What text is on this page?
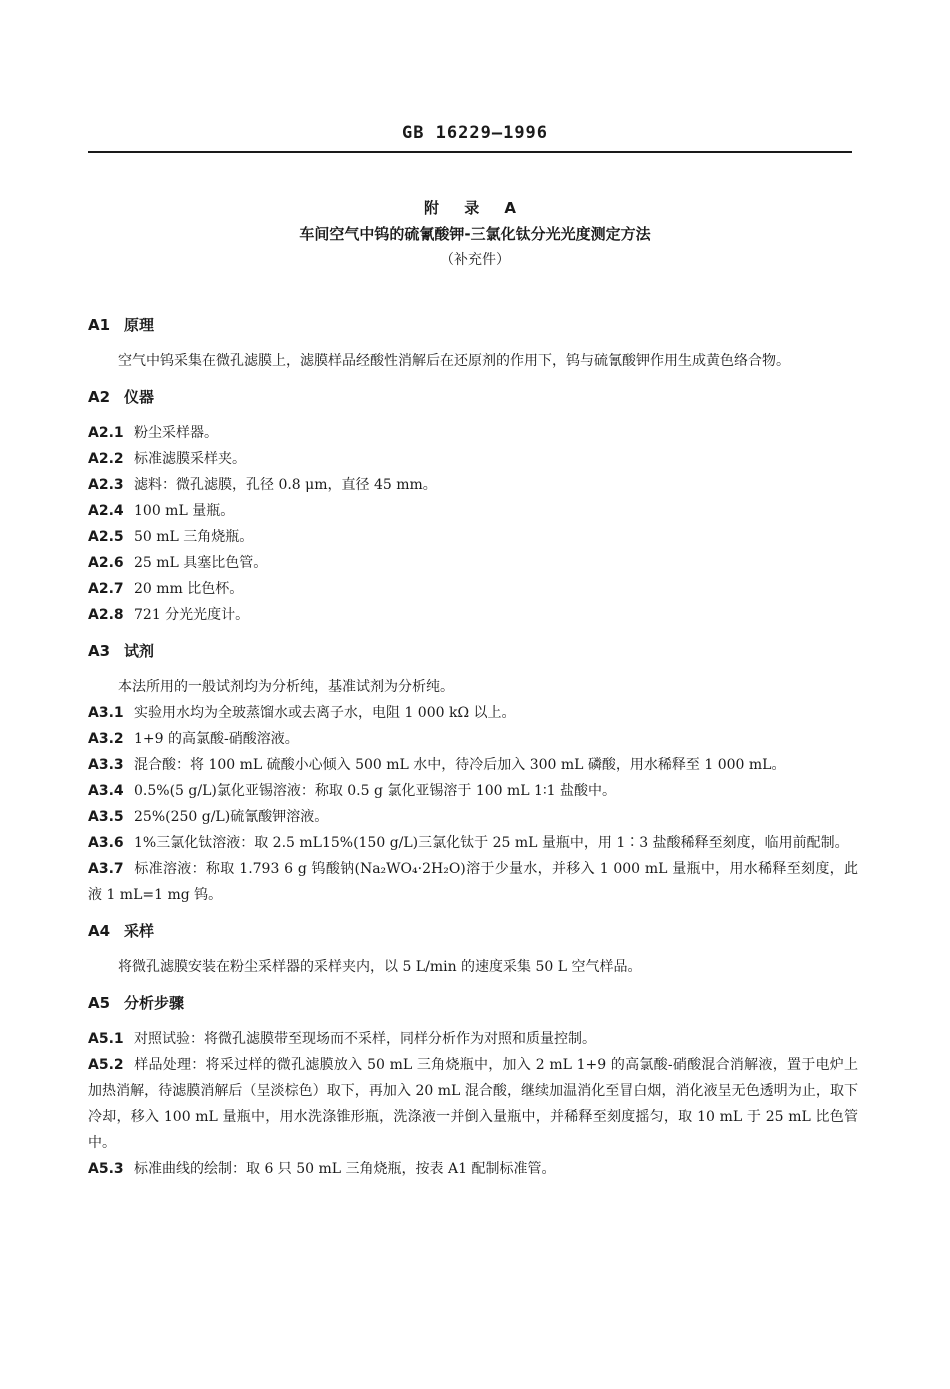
GB 16229—1996
附 录 A
车间空气中钨的硫氰酸钾-三氯化钛分光光度测定方法
（补充件）
A1 原理
空气中钨采集在微孔滤膜上，滤膜样品经酸性消解后在还原剂的作用下，钨与硫氰酸钾作用生成黄色络合物。
A2 仪器
A2.1 粉尘采样器。
A2.2 标准滤膜采样夹。
A2.3 滤料：微孔滤膜，孔径 0.8 μm，直径 45 mm。
A2.4 100 mL 量瓶。
A2.5 50 mL 三角烧瓶。
A2.6 25 mL 具塞比色管。
A2.7 20 mm 比色杯。
A2.8 721 分光光度计。
A3 试剂
本法所用的一般试剂均为分析纯，基准试剂为分析纯。
A3.1 实验用水均为全玻蒸馏水或去离子水，电阻 1 000 kΩ 以上。
A3.2 1+9 的高氯酸-硝酸溶液。
A3.3 混合酸：将 100 mL 硫酸小心倾入 500 mL 水中，待冷后加入 300 mL 磷酸，用水稀释至 1 000 mL。
A3.4 0.5%(5 g/L)氯化亚锡溶液：称取 0.5 g 氯化亚锡溶于 100 mL 1∶1 盐酸中。
A3.5 25%(250 g/L)硫氰酸钾溶液。
A3.6 1%三氯化钛溶液：取 2.5 mL15%(150 g/L)三氯化钛于 25 mL 量瓶中，用 1∶3 盐酸稀释至刻度，临用前配制。
A3.7 标准溶液：称取 1.793 6 g 钨酸钠(Na₂WO₄·2H₂O)溶于少量水，并移入 1 000 mL 量瓶中，用水稀释至刻度，此液 1 mL=1 mg 钨。
A4 采样
将微孔滤膜安装在粉尘采样器的采样夹内，以 5 L/min 的速度采集 50 L 空气样品。
A5 分析步骤
A5.1 对照试验：将微孔滤膜带至现场而不采样，同样分析作为对照和质量控制。
A5.2 样品处理：将采过样的微孔滤膜放入 50 mL 三角烧瓶中，加入 2 mL 1+9 的高氯酸-硝酸混合消解液，置于电炉上加热消解，待滤膜消解后（呈淡棕色）取下，再加入 20 mL 混合酸，继续加温消化至冒白烟，消化液呈无色透明为止，取下冷却，移入 100 mL 量瓶中，用水洗涤锥形瓶，洗涤液一并倒入量瓶中，并稀释至刻度摇匀，取 10 mL 于 25 mL 比色管中。
A5.3 标准曲线的绘制：取 6 只 50 mL 三角烧瓶，按表 A1 配制标准管。
